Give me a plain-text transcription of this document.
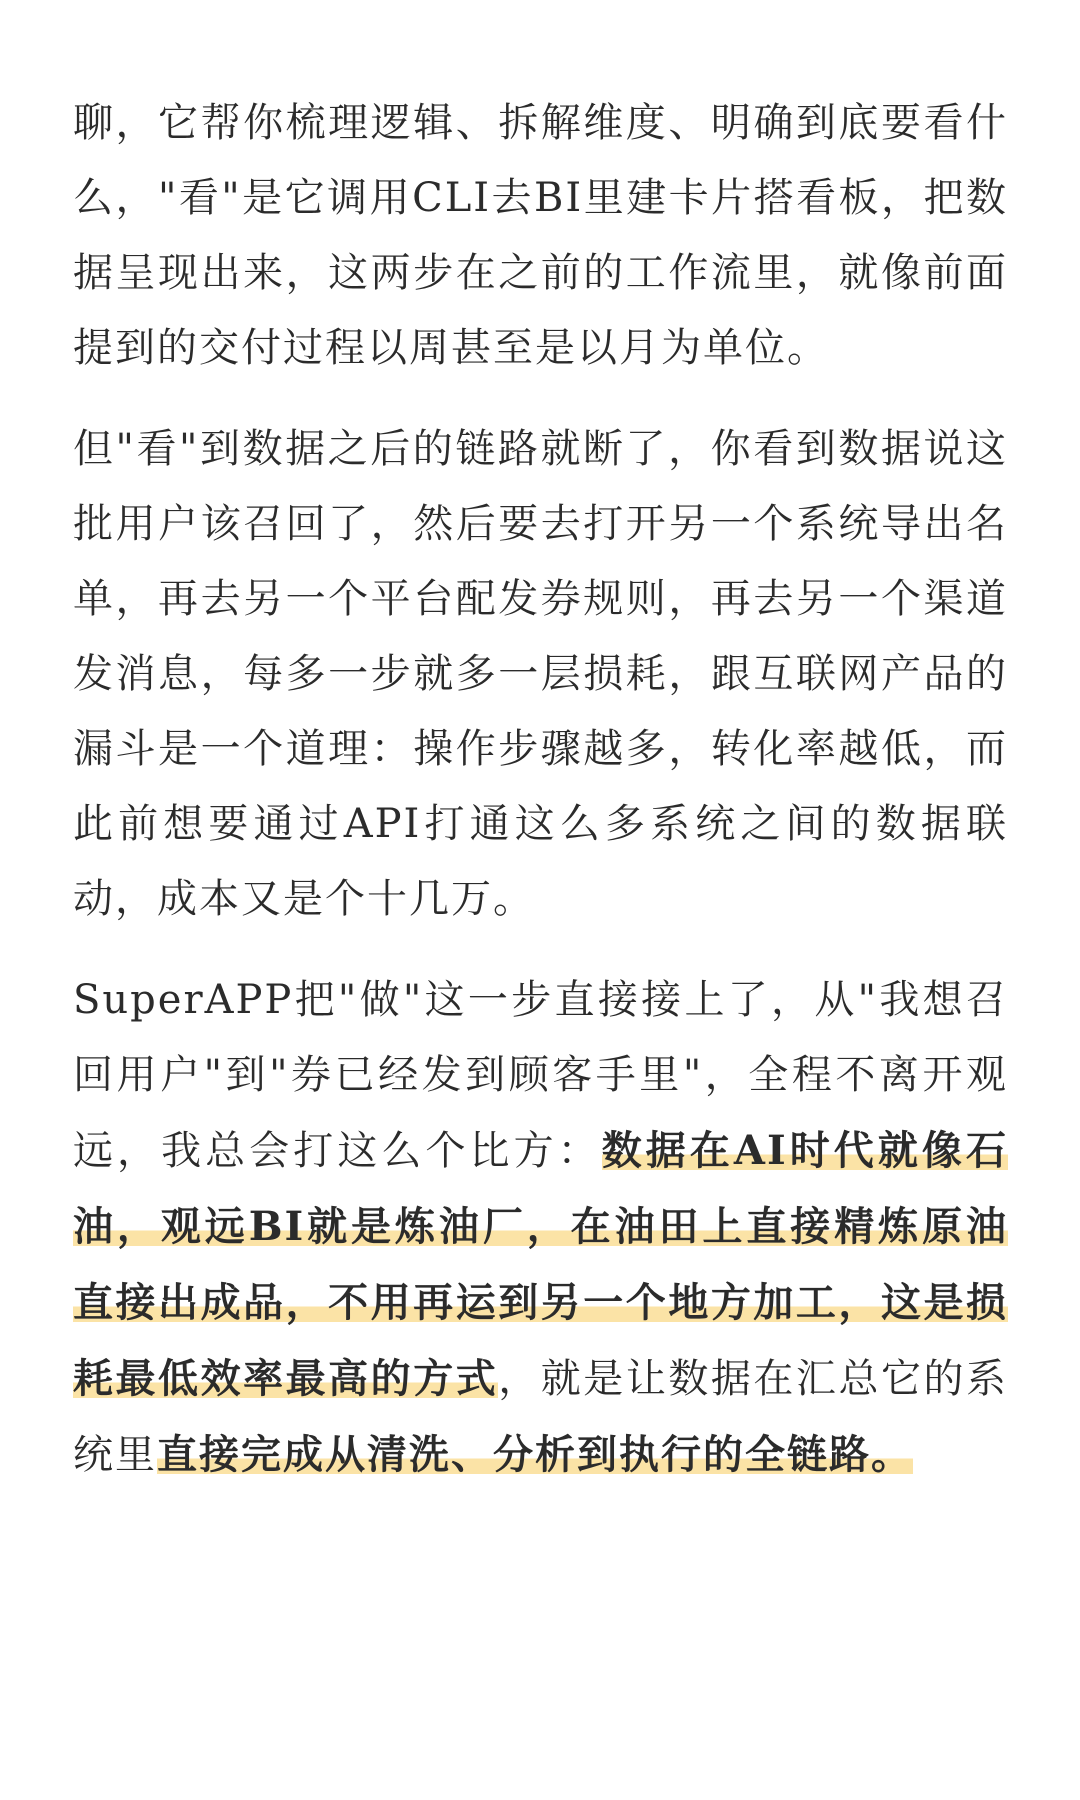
聊，它帮你梳理逻辑、拆解维度、明确到底要看什么，"看"是它调用CLI去BI里建卡片搭看板，把数据呈现出来，这两步在之前的工作流里，就像前面提到的交付过程以周甚至是以月为单位。

但"看"到数据之后的链路就断了，你看到数据说这批用户该召回了，然后要去打开另一个系统导出名单，再去另一个平台配发券规则，再去另一个渠道发消息，每多一步就多一层损耗，跟互联网产品的漏斗是一个道理：操作步骤越多，转化率越低，而此前想要通过API打通这么多系统之间的数据联动，成本又是个十几万。

SuperAPP把"做"这一步直接接上了，从"我想召回用户"到"券已经发到顾客手里"，全程不离开观远，我总会打这么个比方：数据在AI时代就像石油，观远BI就是炼油厂，在油田上直接精炼原油直接出成品，不用再运到另一个地方加工，这是损耗最低效率最高的方式，就是让数据在汇总它的系统里直接完成从清洗、分析到执行的全链路。
